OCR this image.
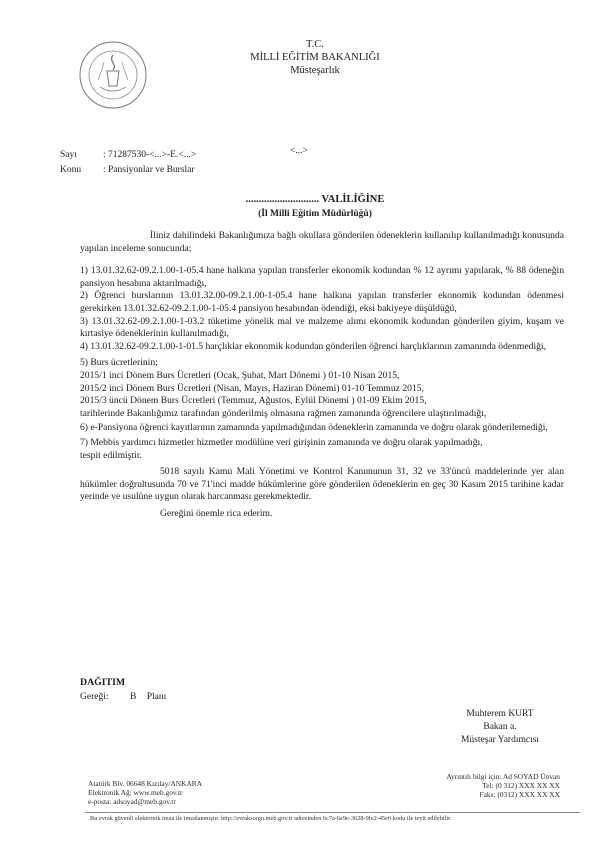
T.C.
MİLLİ EĞİTİM BAKANLIĞI
Müsteşarlık
Sayı	: 71287530-<...>-E.<...>	<...>
Konu : Pansiyonlar ve Burslar
............................ VALİLİĞİNE
(İl Milli Eğitim Müdürlüğü)

İliniz dahilindeki Bakanlığımıza bağlı okullara gönderilen ödeneklerin kullanılıp kullanılmadığı konusunda yapılan inceleme sonucunda;

1) 13.01.32.62-09.2.1.00-1-05.4 hane halkına yapılan transferler ekonomik kodundan % 12 ayrımı yapılarak, % 88 ödeneğin pansiyon hesabına aktarılmadığı,

2) Öğrenci burslarının 13.01.32.00-09.2.1.00-1-05.4 hane halkına yapılan transferler ekonomik kodundan ödenmesi gerekirken 13.01.32.62-09.2.1.00-1-05.4 pansiyon hesabından ödendiği, eksi bakiyeye düşüldüğü,

3) 13.01.32.62-09.2.1.00-1-03.2 tüketime yönelik mal ve malzeme alımı ekonomik kodundan gönderilen giyim, kuşam ve kırtasiye ödeneklerinin kullanılmadığı,

4) 13.01.32.62-09.2.1.00-1-01.5 harçlıklar ekonomik kodundan gönderilen öğrenci harçlıklarının zamanında ödenmediği,

5) Burs ücretlerinin;

2015/1 inci Dönem Burs Ücretleri (Ocak, Şubat, Mart Dönemi ) 01-10 Nisan 2015,

2015/2 inci Dönem Burs Ücretleri (Nisan, Mayıs, Haziran Dönemi) 01-10 Temmuz 2015,

2015/3 üncü Dönem Burs Ücretleri (Temmuz, Ağustos, Eylül Dönemi ) 01-09 Ekim 2015,

tarihlerinde Bakanlığımız tarafından gönderilmiş olmasına rağmen zamanında öğrencilere ulaştırılmadığı,

6) e-Pansiyona öğrenci kayıtlarının zamanında yapılmadığından ödeneklerin zamanında ve doğru olarak gönderilemediği,

7) Mebbis yardımcı hizmetler hizmetler modülüne veri girişinin zamanında ve doğru olarak yapılmadığı,

tespit edilmiştir.

5018 sayılı Kamu Mali Yönetimi ve Kontrol Kanununun 31, 32 ve 33'üncü maddelerinde yer alan hükümler doğrultusunda 70 ve 71'inci madde hükümlerine göre gönderilen ödeneklerin en geç 30 Kasım 2015 tarihine kadar yerinde ve usulüne uygun olarak harcanması gerekmektedir.

Gereğini önemle rica ederim.

DAĞITIM
Gereği: B Planı
Muhterem KURT
Bakan a.
Müsteşar Yardımcısı
Atatürk Blv. 06648 Kızılay/ANKARA
Elektronik Ağ: www.meb.gov.tr
e-posta: adsoyad@meb.gov.tr
Ayrıntılı bilgi için: Ad SOYAD Ünvan
Tel: (0 312) XXX XX XX
Faks: (0312) XXX XX XX
Bu evrak güvenli elektronik imza ile imzalanmıştır. http://evraksorgu.meb.gov.tr adresinden 6c7a-6e9e-3628-9fe2-45e6 kodu ile teyit edilebilir.
